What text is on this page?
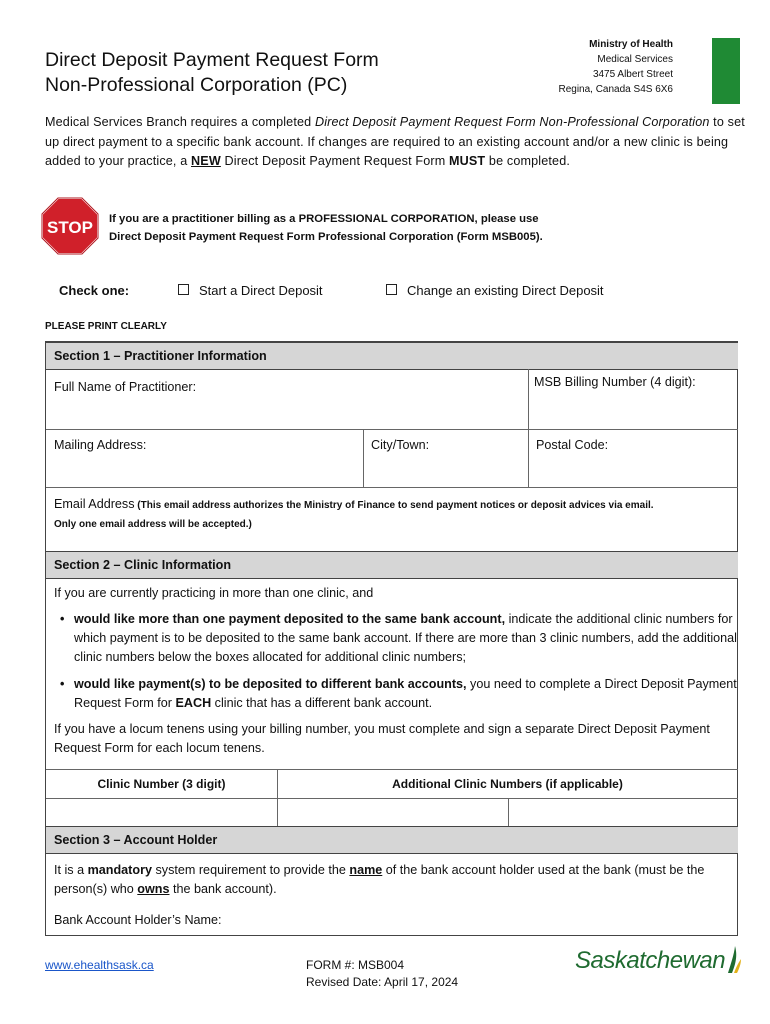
Direct Deposit Payment Request Form
Non-Professional Corporation (PC)
Ministry of Health
Medical Services
3475 Albert Street
Regina, Canada S4S 6X6
Medical Services Branch requires a completed Direct Deposit Payment Request Form Non-Professional Corporation to set up direct payment to a specific bank account. If changes are required to an existing account and/or a new clinic is being added to your practice, a NEW Direct Deposit Payment Request Form MUST be completed.
STOP If you are a practitioner billing as a PROFESSIONAL CORPORATION, please use
Direct Deposit Payment Request Form Professional Corporation (Form MSB005).
Check one:	Start a Direct Deposit	Change an existing Direct Deposit
PLEASE PRINT CLEARLY
Section 1 – Practitioner Information
Full Name of Practitioner:	MSB Billing Number (4 digit):
Mailing Address:	City/Town:	Postal Code:
Email Address (This email address authorizes the Ministry of Finance to send payment notices or deposit advices via email.
Only one email address will be accepted.)
Section 2 – Clinic Information
If you are currently practicing in more than one clinic, and
• would like more than one payment deposited to the same bank account, indicate the additional clinic numbers for which payment is to be deposited to the same bank account. If there are more than 3 clinic numbers, add the additional clinic numbers below the boxes allocated for additional clinic numbers;
• would like payment(s) to be deposited to different bank accounts, you need to complete a Direct Deposit Payment Request Form for EACH clinic that has a different bank account.
If you have a locum tenens using your billing number, you must complete and sign a separate Direct Deposit Payment Request Form for each locum tenens.
Clinic Number (3 digit)	Additional Clinic Numbers (if applicable)
Section 3 – Account Holder
It is a mandatory system requirement to provide the name of the bank account holder used at the bank (must be the person(s) who owns the bank account).
Bank Account Holder’s Name:
www.ehealthsask.ca	FORM #: MSB004
Revised Date: April 17, 2024
Saskatchewan
